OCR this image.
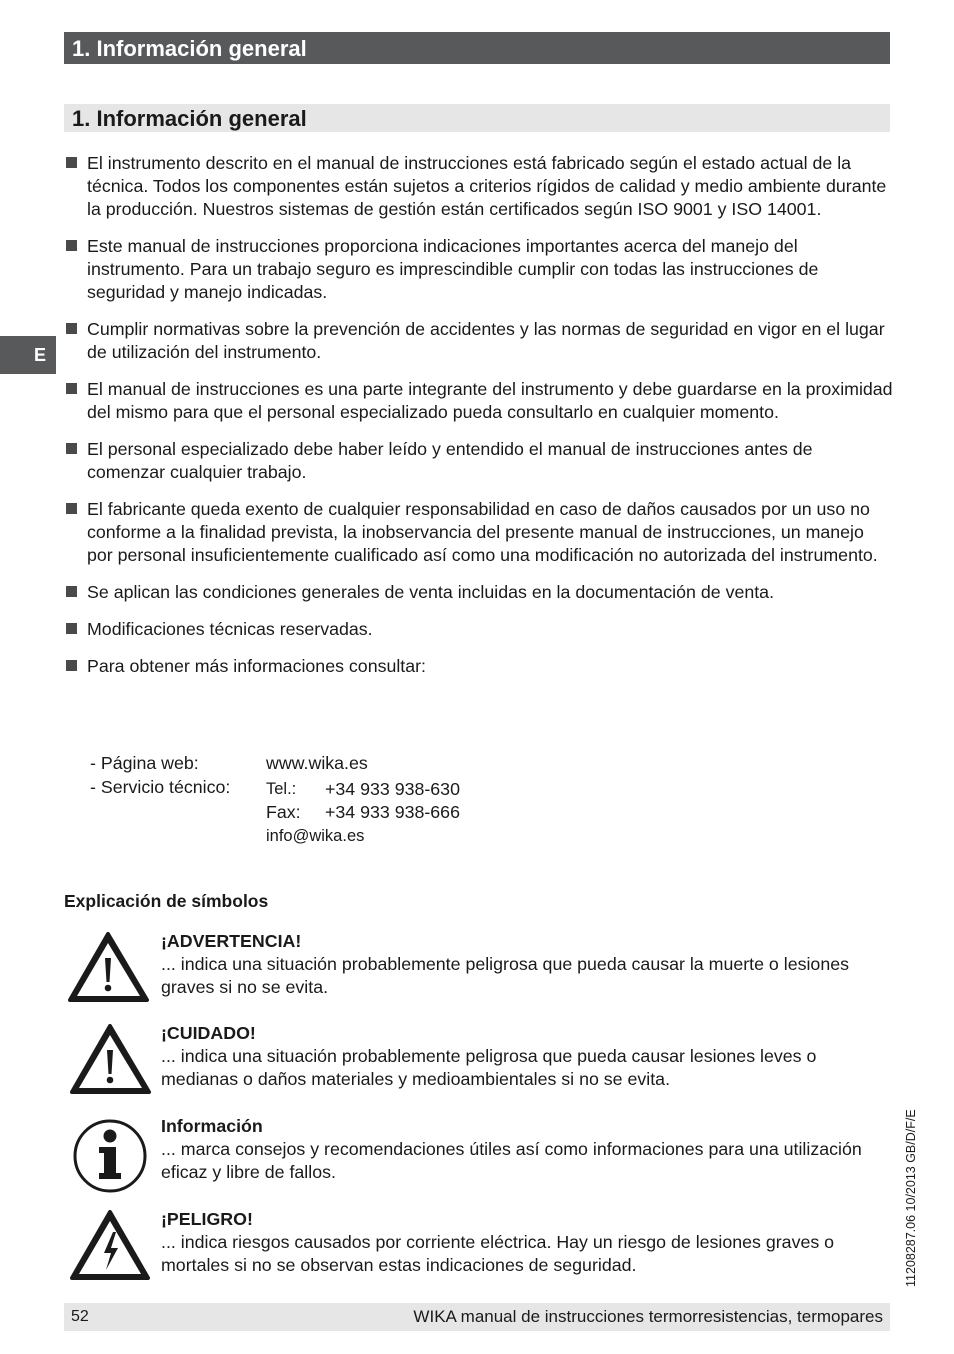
1. Información general
1. Información general
E
El instrumento descrito en el manual de instrucciones está fabricado según el estado actual de la técnica. Todos los componentes están sujetos a criterios rígidos de calidad y medio ambiente durante la producción. Nuestros sistemas de gestión están certificados según ISO 9001 y ISO 14001.
Este manual de instrucciones proporciona indicaciones importantes acerca del manejo del instrumento. Para un trabajo seguro es imprescindible cumplir con todas las instrucciones de seguridad y manejo indicadas.
Cumplir normativas sobre la prevención de accidentes y las normas de seguridad en vigor en el lugar de utilización del instrumento.
El manual de instrucciones es una parte integrante del instrumento y debe guardarse en la proximidad del mismo para que el personal especializado pueda consultarlo en cualquier momento.
El personal especializado debe haber leído y entendido el manual de instrucciones antes de comenzar cualquier trabajo.
El fabricante queda exento de cualquier responsabilidad en caso de daños causados por un uso no conforme a la finalidad prevista, la inobservancia del presente manual de instrucciones, un manejo por personal insuficientemente cualificado así como una modificación no autorizada del instrumento.
Se aplican las condiciones generales de venta incluidas en la documentación de venta.
Modificaciones técnicas reservadas.
Para obtener más informaciones consultar:
- Página web:	www.wika.es
- Servicio técnico: Tel.: +34 933 938-630
Fax: +34 933 938-666
info@wika.es
Explicación de símbolos
¡ADVERTENCIA!
... indica una situación probablemente peligrosa que pueda causar la muerte o lesiones graves si no se evita.
¡CUIDADO!
... indica una situación probablemente peligrosa que pueda causar lesiones leves o medianas o daños materiales y medioambientales si no se evita.
Información
... marca consejos y recomendaciones útiles así como informaciones para una utilización eficaz y libre de fallos.
¡PELIGRO!
... indica riesgos causados por corriente eléctrica. Hay un riesgo de lesiones graves o mortales si no se observan estas indicaciones de seguridad.
52	WIKA manual de instrucciones termorresistencias, termopares
11208287.06 10/2013 GB/D/F/E
